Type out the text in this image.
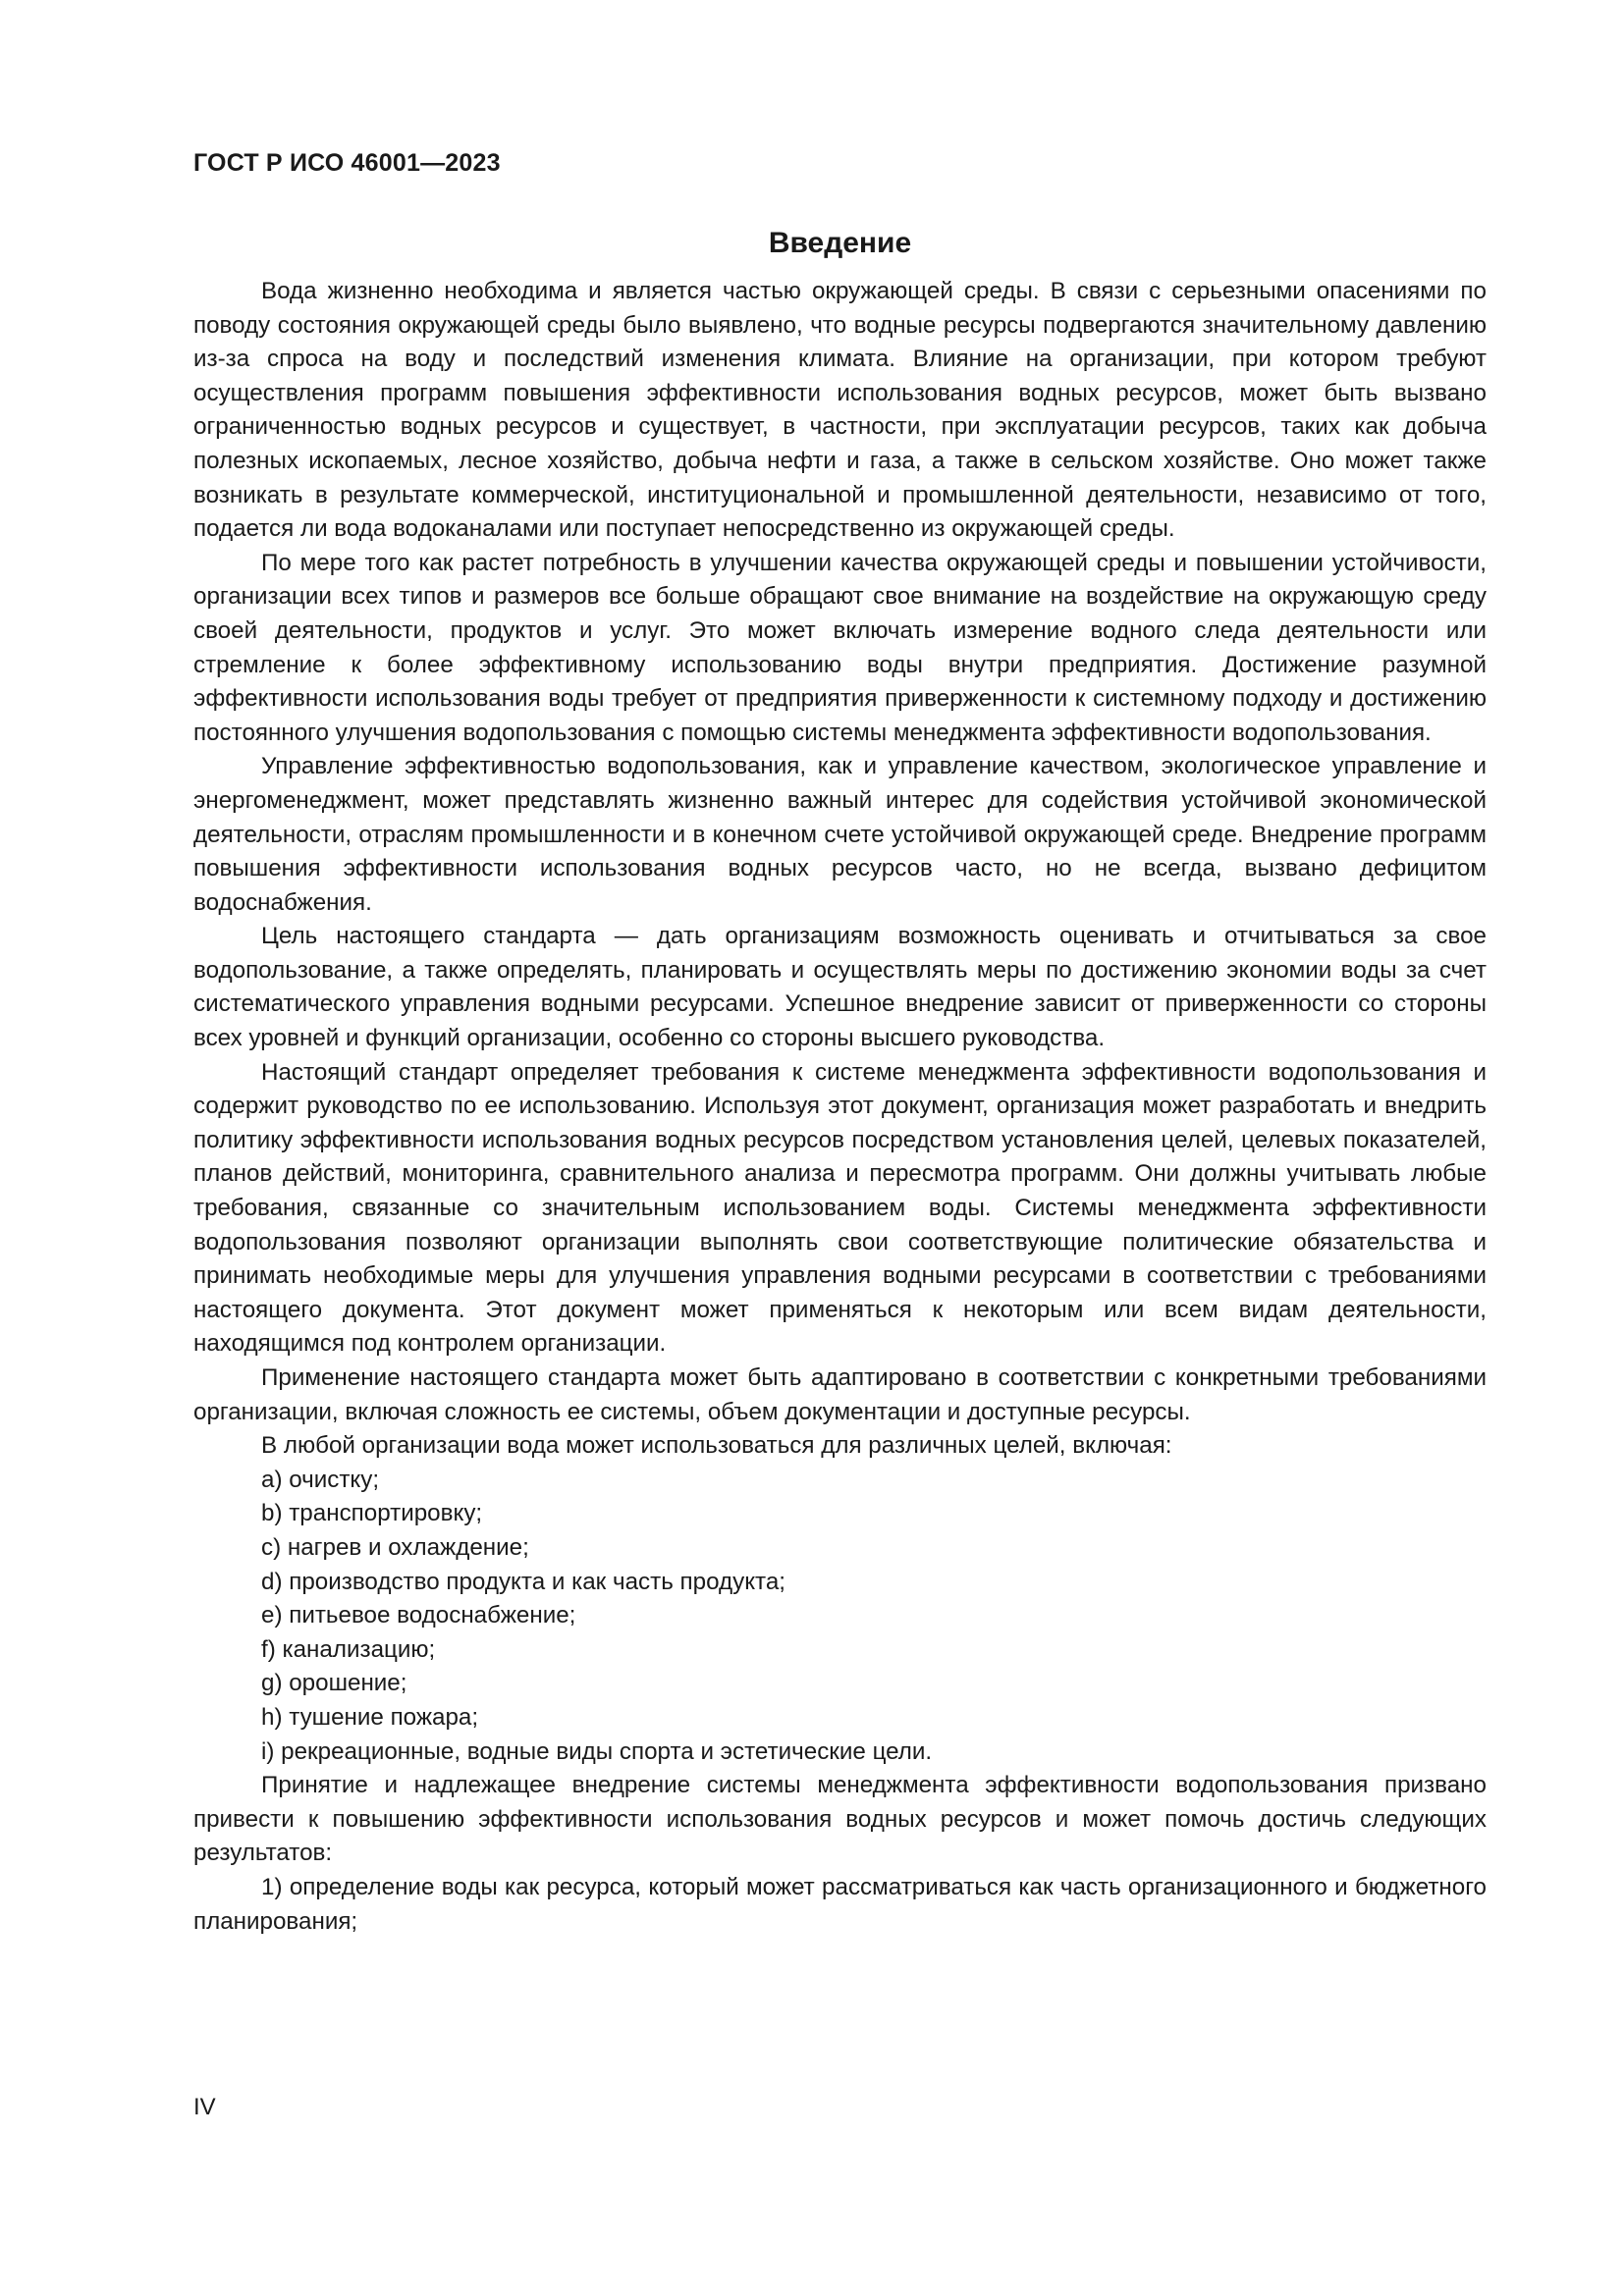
ГОСТ Р ИСО 46001—2023
Введение

Вода жизненно необходима и является частью окружающей среды. В связи с серьезными опасениями по поводу состояния окружающей среды было выявлено, что водные ресурсы подвергаются значительному давлению из-за спроса на воду и последствий изменения климата. Влияние на организации, при котором требуют осуществления программ повышения эффективности использования водных ресурсов, может быть вызвано ограниченностью водных ресурсов и существует, в частности, при эксплуатации ресурсов, таких как добыча полезных ископаемых, лесное хозяйство, добыча нефти и газа, а также в сельском хозяйстве. Оно может также возникать в результате коммерческой, институциональной и промышленной деятельности, независимо от того, подается ли вода водоканалами или поступает непосредственно из окружающей среды.

По мере того как растет потребность в улучшении качества окружающей среды и повышении устойчивости, организации всех типов и размеров все больше обращают свое внимание на воздействие на окружающую среду своей деятельности, продуктов и услуг. Это может включать измерение водного следа деятельности или стремление к более эффективному использованию воды внутри предприятия. Достижение разумной эффективности использования воды требует от предприятия приверженности к системному подходу и достижению постоянного улучшения водопользования с помощью системы менеджмента эффективности водопользования.

Управление эффективностью водопользования, как и управление качеством, экологическое управление и энергоменеджмент, может представлять жизненно важный интерес для содействия устойчивой экономической деятельности, отраслям промышленности и в конечном счете устойчивой окружающей среде. Внедрение программ повышения эффективности использования водных ресурсов часто, но не всегда, вызвано дефицитом водоснабжения.

Цель настоящего стандарта — дать организациям возможность оценивать и отчитываться за свое водопользование, а также определять, планировать и осуществлять меры по достижению экономии воды за счет систематического управления водными ресурсами. Успешное внедрение зависит от приверженности со стороны всех уровней и функций организации, особенно со стороны высшего руководства.

Настоящий стандарт определяет требования к системе менеджмента эффективности водопользования и содержит руководство по ее использованию. Используя этот документ, организация может разработать и внедрить политику эффективности использования водных ресурсов посредством установления целей, целевых показателей, планов действий, мониторинга, сравнительного анализа и пересмотра программ. Они должны учитывать любые требования, связанные со значительным использованием воды. Системы менеджмента эффективности водопользования позволяют организации выполнять свои соответствующие политические обязательства и принимать необходимые меры для улучшения управления водными ресурсами в соответствии с требованиями настоящего документа. Этот документ может применяться к некоторым или всем видам деятельности, находящимся под контролем организации.

Применение настоящего стандарта может быть адаптировано в соответствии с конкретными требованиями организации, включая сложность ее системы, объем документации и доступные ресурсы.

В любой организации вода может использоваться для различных целей, включая:

а) очистку;

b) транспортировку;

c) нагрев и охлаждение;

d) производство продукта и как часть продукта;

e) питьевое водоснабжение;

f) канализацию;

g) орошение;

h) тушение пожара;

i) рекреационные, водные виды спорта и эстетические цели.

Принятие и надлежащее внедрение системы менеджмента эффективности водопользования призвано привести к повышению эффективности использования водных ресурсов и может помочь достичь следующих результатов:

1) определение воды как ресурса, который может рассматриваться как часть организационного и бюджетного планирования;

IV
